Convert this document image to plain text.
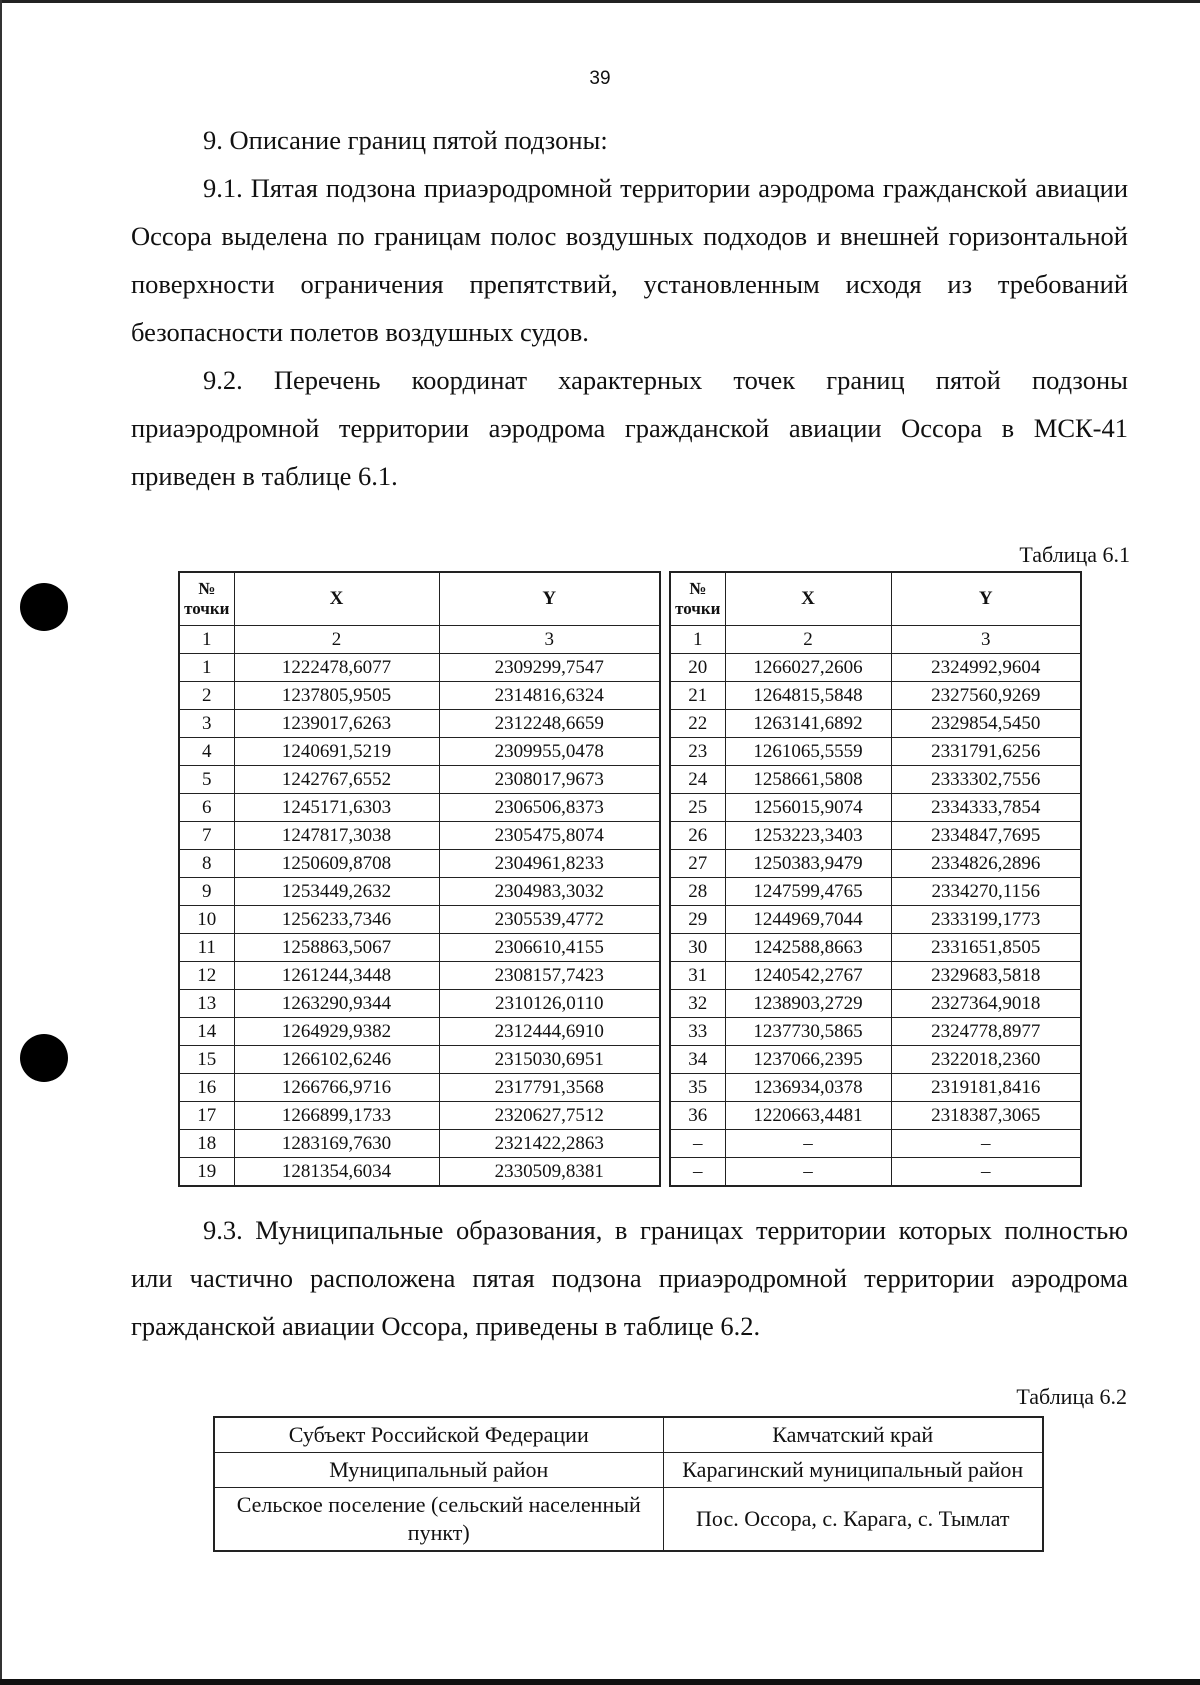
39

9. Описание границ пятой подзоны:

9.1. Пятая подзона приаэродромной территории аэродрома гражданской авиации Оссора выделена по границам полос воздушных подходов и внешней горизонтальной поверхности ограничения препятствий, установленным исходя из требований безопасности полетов воздушных судов.

9.2. Перечень координат характерных точек границ пятой подзоны приаэродромной территории аэродрома гражданской авиации Оссора в МСК-41 приведен в таблице 6.1.

Таблица 6.1
№ точки	X	Y
1	2	3
1	1222478,6077	2309299,7547
2	1237805,9505	2314816,6324
3	1239017,6263	2312248,6659
4	1240691,5219	2309955,0478
5	1242767,6552	2308017,9673
6	1245171,6303	2306506,8373
7	1247817,3038	2305475,8074
8	1250609,8708	2304961,8233
9	1253449,2632	2304983,3032
10	1256233,7346	2305539,4772
11	1258863,5067	2306610,4155
12	1261244,3448	2308157,7423
13	1263290,9344	2310126,0110
14	1264929,9382	2312444,6910
15	1266102,6246	2315030,6951
16	1266766,9716	2317791,3568
17	1266899,1733	2320627,7512
18	1283169,7630	2321422,2863
19	1281354,6034	2330509,8381
№ точки	X	Y
1	2	3
20	1266027,2606	2324992,9604
21	1264815,5848	2327560,9269
22	1263141,6892	2329854,5450
23	1261065,5559	2331791,6256
24	1258661,5808	2333302,7556
25	1256015,9074	2334333,7854
26	1253223,3403	2334847,7695
27	1250383,9479	2334826,2896
28	1247599,4765	2334270,1156
29	1244969,7044	2333199,1773
30	1242588,8663	2331651,8505
31	1240542,2767	2329683,5818
32	1238903,2729	2327364,9018
33	1237730,5865	2324778,8977
34	1237066,2395	2322018,2360
35	1236934,0378	2319181,8416
36	1220663,4481	2318387,3065
–	–	–
–	–	–

9.3. Муниципальные образования, в границах территории которых полностью или частично расположена пятая подзона приаэродромной территории аэродрома гражданской авиации Оссора, приведены в таблице 6.2.

Таблица 6.2
Субъект Российской Федерации	Камчатский край
Муниципальный район	Карагинский муниципальный район
Сельское поселение (сельский населенный пункт)	Пос. Оссора, с. Карага, с. Тымлат
